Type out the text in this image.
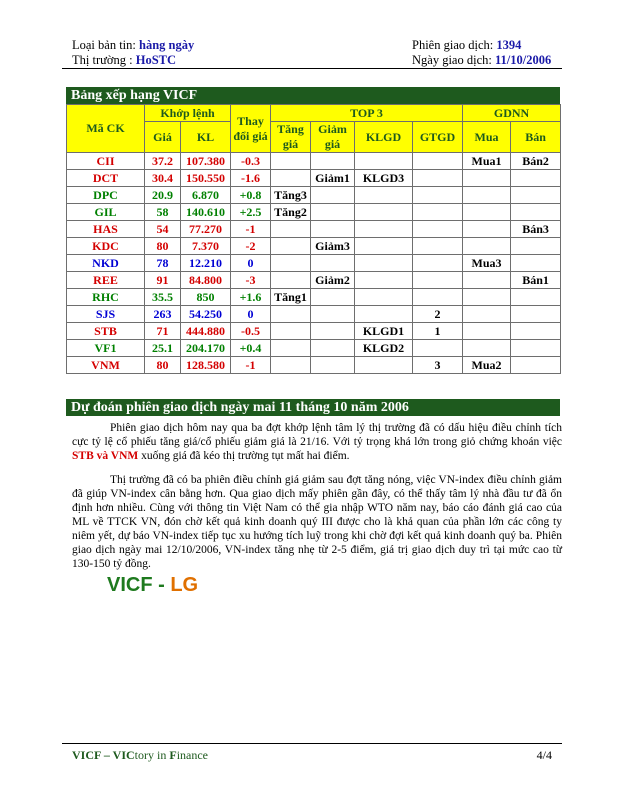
Loại bản tin: hàng ngày	Phiên giao dịch: 1394
Thị trường : HoSTC	Ngày giao dịch: 11/10/2006
Bảng xếp hạng VICF
Mã CK	Khớp lệnh		Thay đổi giá	TOP 3				GDNN	
	Giá	KL		Tăng giá	Giảm giá	KLGD	GTGD	Mua	Bán
CII	37.2	107.380	-0.3					Mua1	Bán2
DCT	30.4	150.550	-1.6		Giảm1	KLGD3			
DPC	20.9	6.870	+0.8	Tăng3					
GIL	58	140.610	+2.5	Tăng2					
HAS	54	77.270	-1						Bán3
KDC	80	7.370	-2		Giảm3				
NKD	78	12.210	0					Mua3	
REE	91	84.800	-3		Giảm2				Bán1
RHC	35.5	850	+1.6	Tăng1					
SJS	263	54.250	0				2		
STB	71	444.880	-0.5			KLGD1	1		
VF1	25.1	204.170	+0.4			KLGD2			
VNM	80	128.580	-1				3	Mua2	
Dự đoán phiên giao dịch ngày mai 11 tháng 10 năm 2006

Phiên giao dịch hôm nay qua ba đợt khớp lệnh tâm lý thị trường đã có dấu hiệu điều chỉnh tích cực tỷ lệ cổ phiếu tăng giá/cổ phiếu giảm giá là 21/16. Với tỷ trọng khá lớn trong giỏ chứng khoán việc STB và VNM xuống giá đã kéo thị trường tụt mất hai điểm.

Thị trường đã có ba phiên điều chỉnh giá giảm sau đợt tăng nóng, việc VN-index điều chỉnh giảm đã giúp VN-index cân bằng hơn. Qua giao dịch mấy phiên gần đây, có thể thấy tâm lý nhà đầu tư đã ổn định hơn nhiều. Cùng với thông tin Việt Nam có thể gia nhập WTO năm nay, báo cáo đánh giá cao của ML về TTCK VN, đón chờ kết quả kinh doanh quý III được cho là khả quan của phần lớn các công ty niêm yết, dự báo VN-index tiếp tục xu hướng tích luỹ trong khi chờ đợi kết quả kinh doanh quý ba. Phiên giao dịch ngày mai 12/10/2006, VN-index tăng nhẹ từ 2-5 điểm, giá trị giao dịch duy trì tại mức cao từ 130-150 tỷ đồng.

VICF - LG
VICF – VICtory in Finance	4/4
